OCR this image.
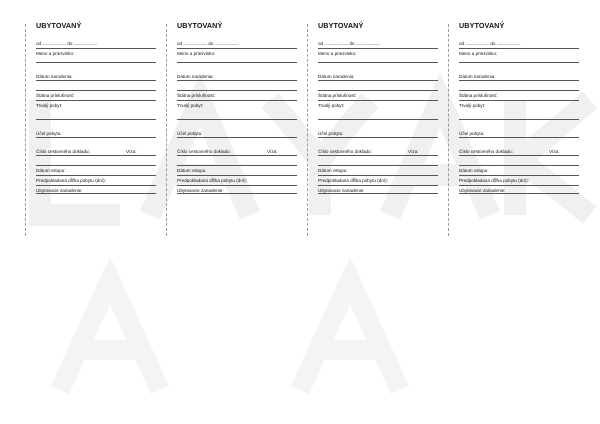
UBYTOVANÝ
od ...................... do ......................
Meno a priezvisko:
Dátum narodenia:
Štátna príslušnosť:
Trvalý pobyt:
Účel pobytu:
Číslo cestovného dokladu:	Víza:
Dátum vstupu:
Predpokladaná dĺžka pobytu (dní):
Ubytovacie zariadenie:
UBYTOVANÝ
od ...................... do ......................
Meno a priezvisko:
Dátum narodenia:
Štátna príslušnosť:
Trvalý pobyt:
Účel pobytu:
Číslo cestovného dokladu:	Víza:
Dátum vstupu:
Predpokladaná dĺžka pobytu (dní):
Ubytovacie zariadenie:
UBYTOVANÝ
od ...................... do ......................
Meno a priezvisko:
Dátum narodenia:
Štátna príslušnosť:
Trvalý pobyt:
Účel pobytu:
Číslo cestovného dokladu:	Víza:
Dátum vstupu:
Predpokladaná dĺžka pobytu (dní):
Ubytovacie zariadenie:
UBYTOVANÝ
od ...................... do ......................
Meno a priezvisko:
Dátum narodenia:
Štátna príslušnosť:
Trvalý pobyt:
Účel pobytu:
Číslo cestovného dokladu:	Víza:
Dátum vstupu:
Predpokladaná dĺžka pobytu (dní):
Ubytovacie zariadenie:
